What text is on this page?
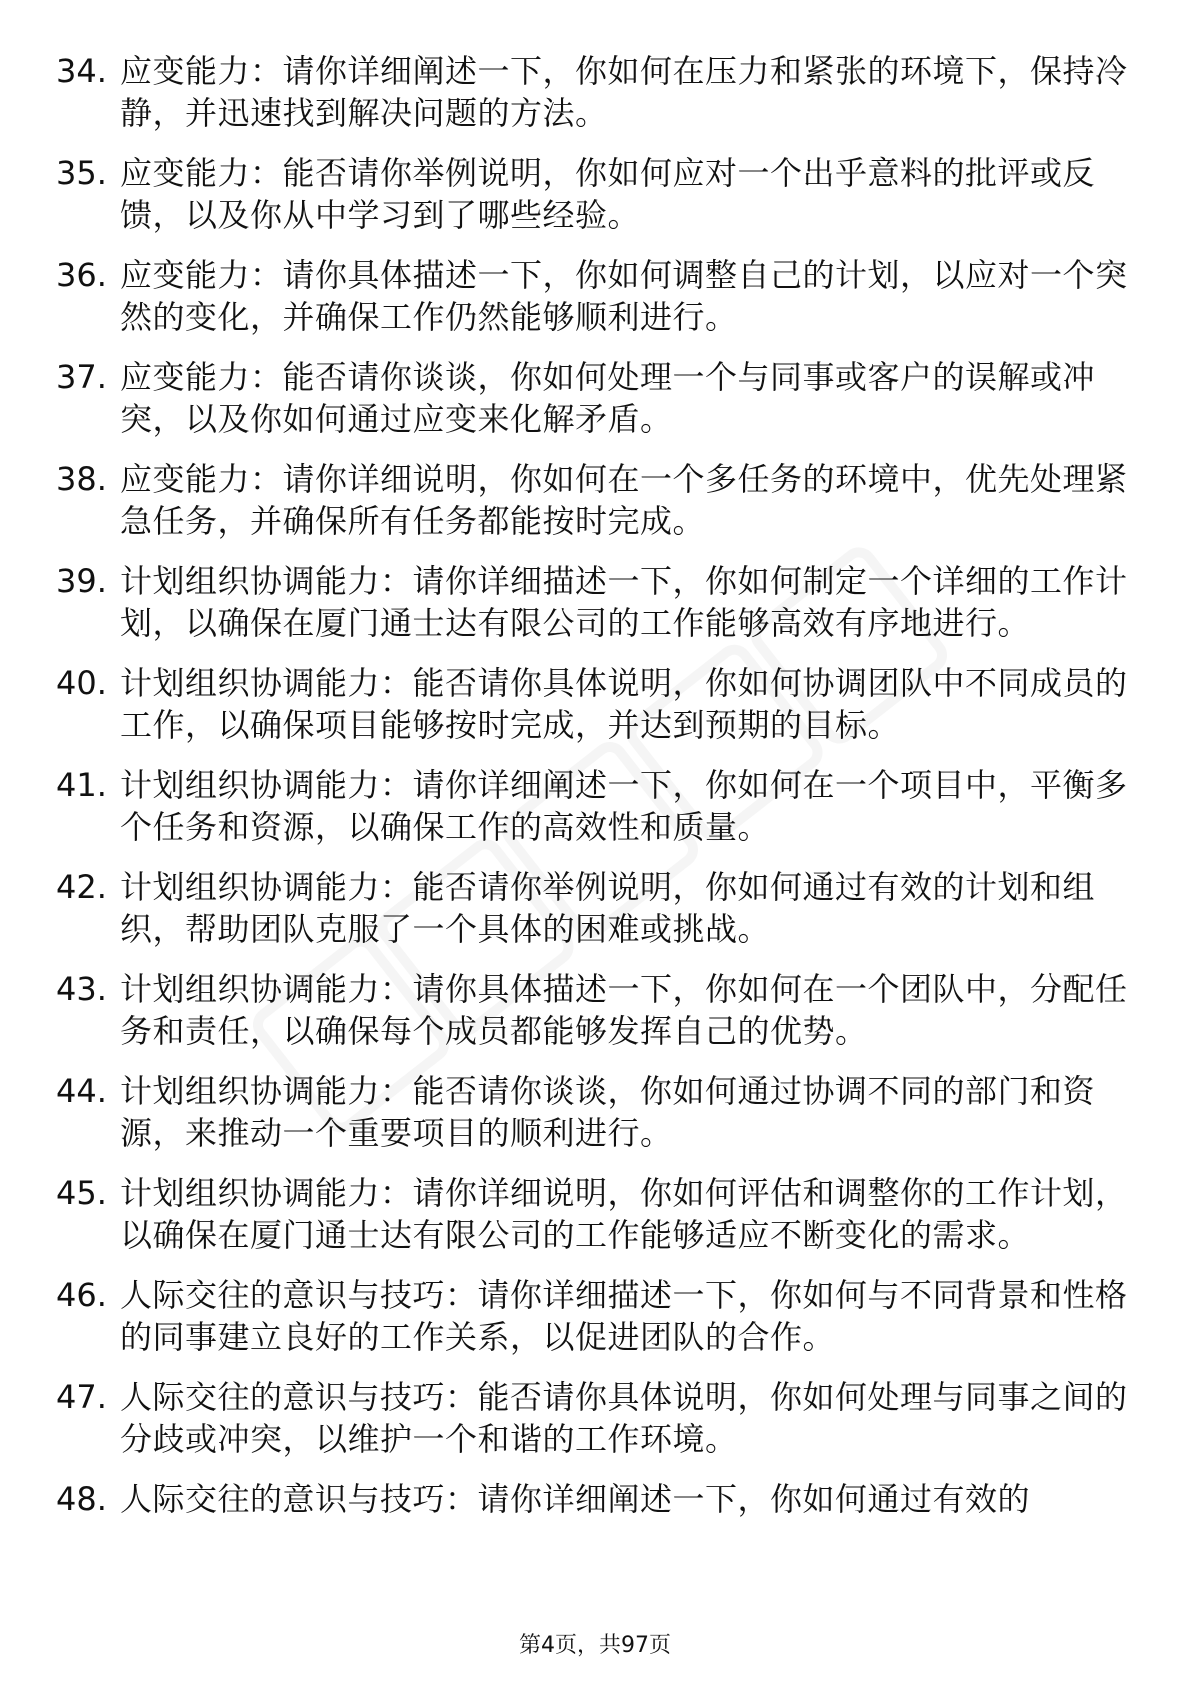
34. 应变能力：请你详细阐述一下，你如何在压力和紧张的环境下，保持冷静，并迅速找到解决问题的方法。
35. 应变能力：能否请你举例说明，你如何应对一个出乎意料的批评或反馈，以及你从中学习到了哪些经验。
36. 应变能力：请你具体描述一下，你如何调整自己的计划，以应对一个突然的变化，并确保工作仍然能够顺利进行。
37. 应变能力：能否请你谈谈，你如何处理一个与同事或客户的误解或冲突，以及你如何通过应变来化解矛盾。
38. 应变能力：请你详细说明，你如何在一个多任务的环境中，优先处理紧急任务，并确保所有任务都能按时完成。
39. 计划组织协调能力：请你详细描述一下，你如何制定一个详细的工作计划，以确保在厦门通士达有限公司的工作能够高效有序地进行。
40. 计划组织协调能力：能否请你具体说明，你如何协调团队中不同成员的工作，以确保项目能够按时完成，并达到预期的目标。
41. 计划组织协调能力：请你详细阐述一下，你如何在一个项目中，平衡多个任务和资源，以确保工作的高效性和质量。
42. 计划组织协调能力：能否请你举例说明，你如何通过有效的计划和组织，帮助团队克服了一个具体的困难或挑战。
43. 计划组织协调能力：请你具体描述一下，你如何在一个团队中，分配任务和责任，以确保每个成员都能够发挥自己的优势。
44. 计划组织协调能力：能否请你谈谈，你如何通过协调不同的部门和资源，来推动一个重要项目的顺利进行。
45. 计划组织协调能力：请你详细说明，你如何评估和调整你的工作计划，以确保在厦门通士达有限公司的工作能够适应不断变化的需求。
46. 人际交往的意识与技巧：请你详细描述一下，你如何与不同背景和性格的同事建立良好的工作关系，以促进团队的合作。
47. 人际交往的意识与技巧：能否请你具体说明，你如何处理与同事之间的分歧或冲突，以维护一个和谐的工作环境。
48. 人际交往的意识与技巧：请你详细阐述一下，你如何通过有效的
第4页，共97页
